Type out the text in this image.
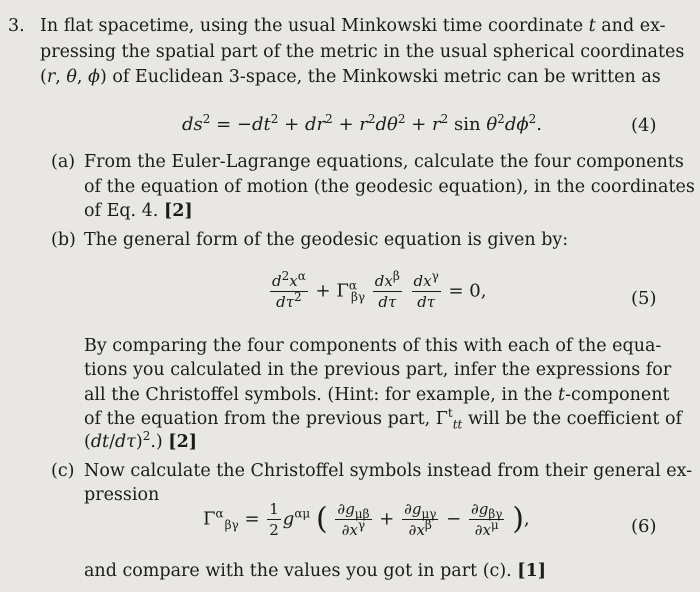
3. In flat spacetime, using the usual Minkowski time coordinate t and ex-
pressing the spatial part of the metric in the usual spherical coordinates
(r, θ, ϕ) of Euclidean 3-space, the Minkowski metric can be written as
$ds^2 = -dt^2 + dr^2 + r^2d\theta^2 + r^2$ $\sin \theta^2d\phi^2$.	(4)
(a) From the Euler-Lagrange equations, calculate the four components
of the equation of motion (the geodesic equation), in the coordinates
of Eq. 4. [2]
(b) The general form of the geodesic equation is given by:
$\frac{d^2x^\alpha}{d\tau^2} + \Gamma^\alpha_{\beta\gamma} \frac{dx^\beta}{d\tau}$
$\frac{dx^\gamma}{d\tau} = 0$,	(5)
By comparing the four components of this with each of the equa-
tions you calculated in the previous part, infer the expressions for
all the Christoffel symbols. (Hint: for example, in the t-component
of the equation from the previous part, $\Gamma^t_{tt}$ will be the coefficient of
$(dt/d\tau)^2$.) [2]
(c) Now calculate the Christoffel symbols instead from their general ex-
pression
$\Gamma^\alpha_{\beta\gamma} = \frac{1}{2} g^{\alpha\mu}$ ( $\frac{\partial g_{\mu\beta}}{\partial x^\gamma} + \frac{\partial g_{\mu\gamma}}{\partial x^\beta} - \frac{\partial g_{\beta\gamma}}{\partial x^\mu}$ ),	(6)
and compare with the values you got in part (c). [1]
